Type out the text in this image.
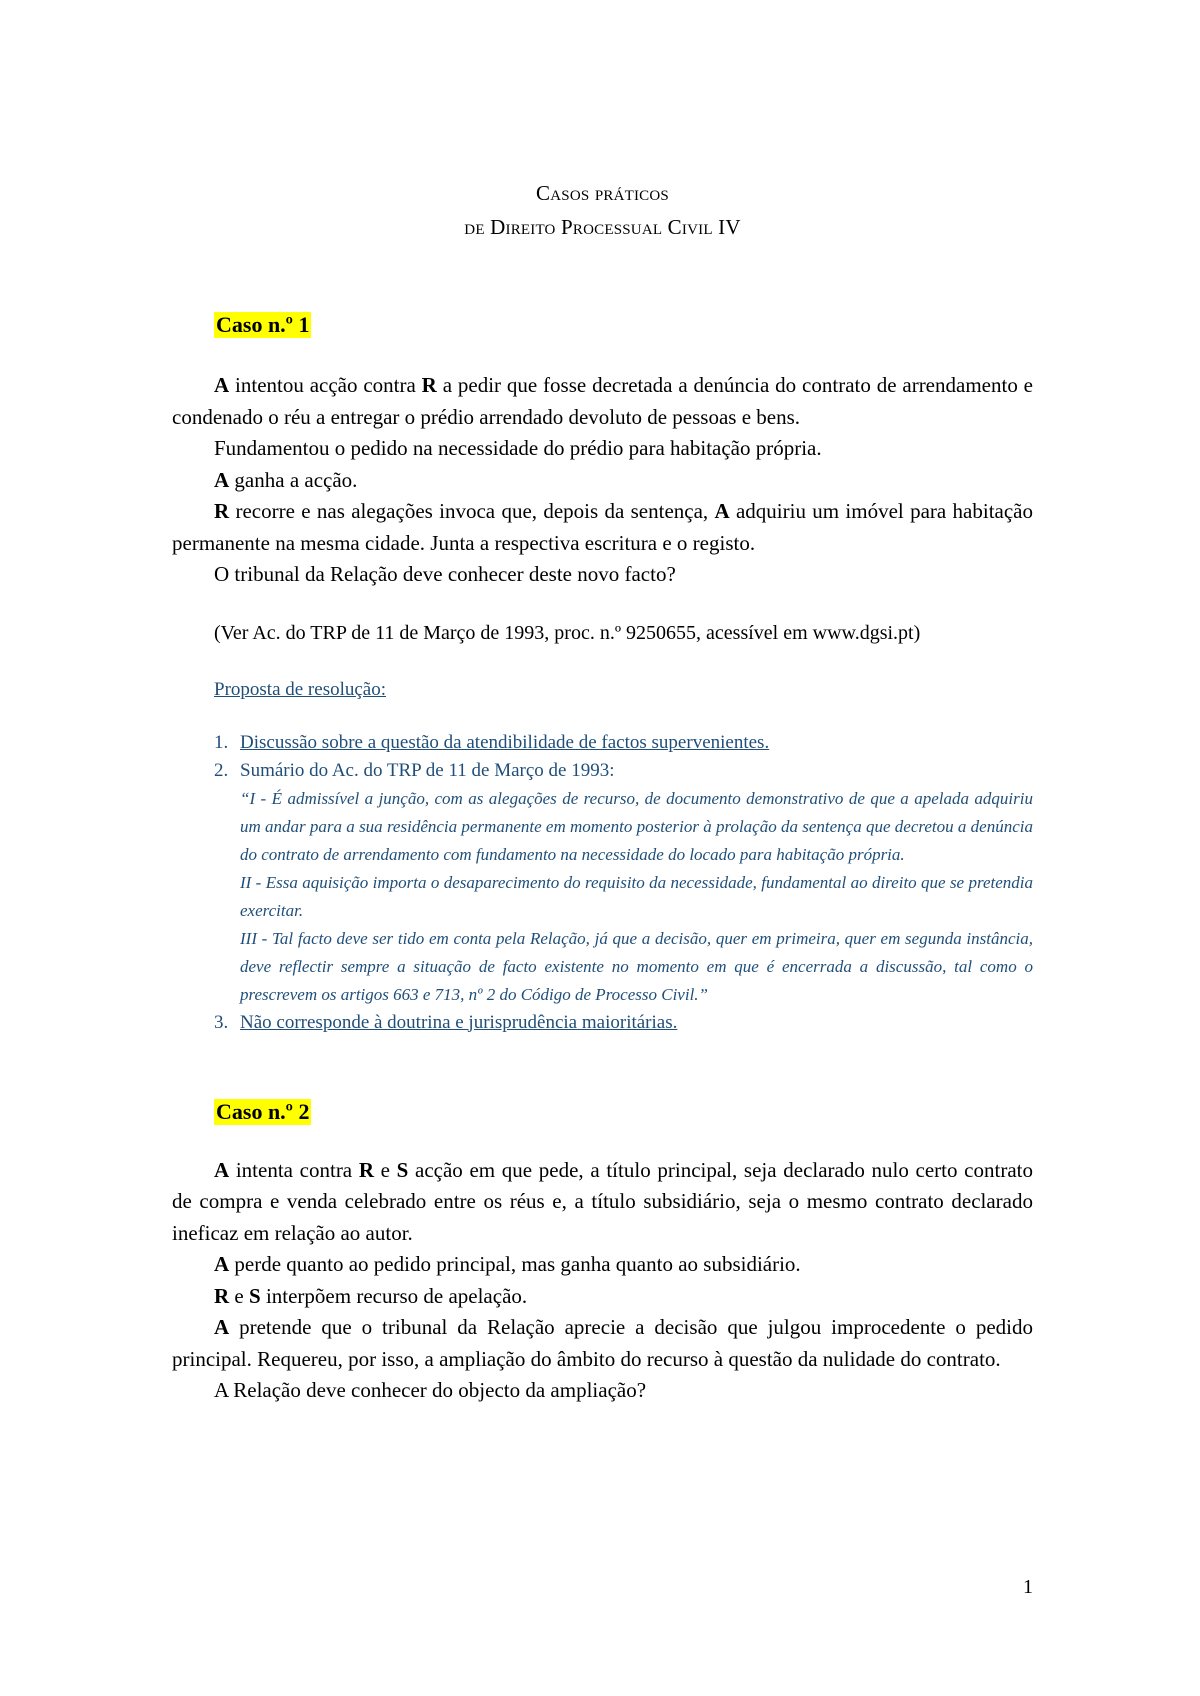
Casos práticos
de Direito Processual Civil IV
Caso n.º 1

A intentou acção contra R a pedir que fosse decretada a denúncia do contrato de arrendamento e condenado o réu a entregar o prédio arrendado devoluto de pessoas e bens.

Fundamentou o pedido na necessidade do prédio para habitação própria.

A ganha a acção.

R recorre e nas alegações invoca que, depois da sentença, A adquiriu um imóvel para habitação permanente na mesma cidade. Junta a respectiva escritura e o registo.

O tribunal da Relação deve conhecer deste novo facto?

(Ver Ac. do TRP de 11 de Março de 1993, proc. n.º 9250655, acessível em www.dgsi.pt)
Proposta de resolução:
1. Discussão sobre a questão da atendibilidade de factos supervenientes.
2. Sumário do Ac. do TRP de 11 de Março de 1993:

“I - É admissível a junção, com as alegações de recurso, de documento demonstrativo de que a apelada adquiriu um andar para a sua residência permanente em momento posterior à prolação da sentença que decretou a denúncia do contrato de arrendamento com fundamento na necessidade do locado para habitação própria.

II - Essa aquisição importa o desaparecimento do requisito da necessidade, fundamental ao direito que se pretendia exercitar.

III - Tal facto deve ser tido em conta pela Relação, já que a decisão, quer em primeira, quer em segunda instância, deve reflectir sempre a situação de facto existente no momento em que é encerrada a discussão, tal como o prescrevem os artigos 663 e 713, nº 2 do Código de Processo Civil.”

3. Não corresponde à doutrina e jurisprudência maioritárias.
Caso n.º 2

A intenta contra R e S acção em que pede, a título principal, seja declarado nulo certo contrato de compra e venda celebrado entre os réus e, a título subsidiário, seja o mesmo contrato declarado ineficaz em relação ao autor.

A perde quanto ao pedido principal, mas ganha quanto ao subsidiário.

R e S interpõem recurso de apelação.

A pretende que o tribunal da Relação aprecie a decisão que julgou improcedente o pedido principal. Requereu, por isso, a ampliação do âmbito do recurso à questão da nulidade do contrato.

A Relação deve conhecer do objecto da ampliação?

1
